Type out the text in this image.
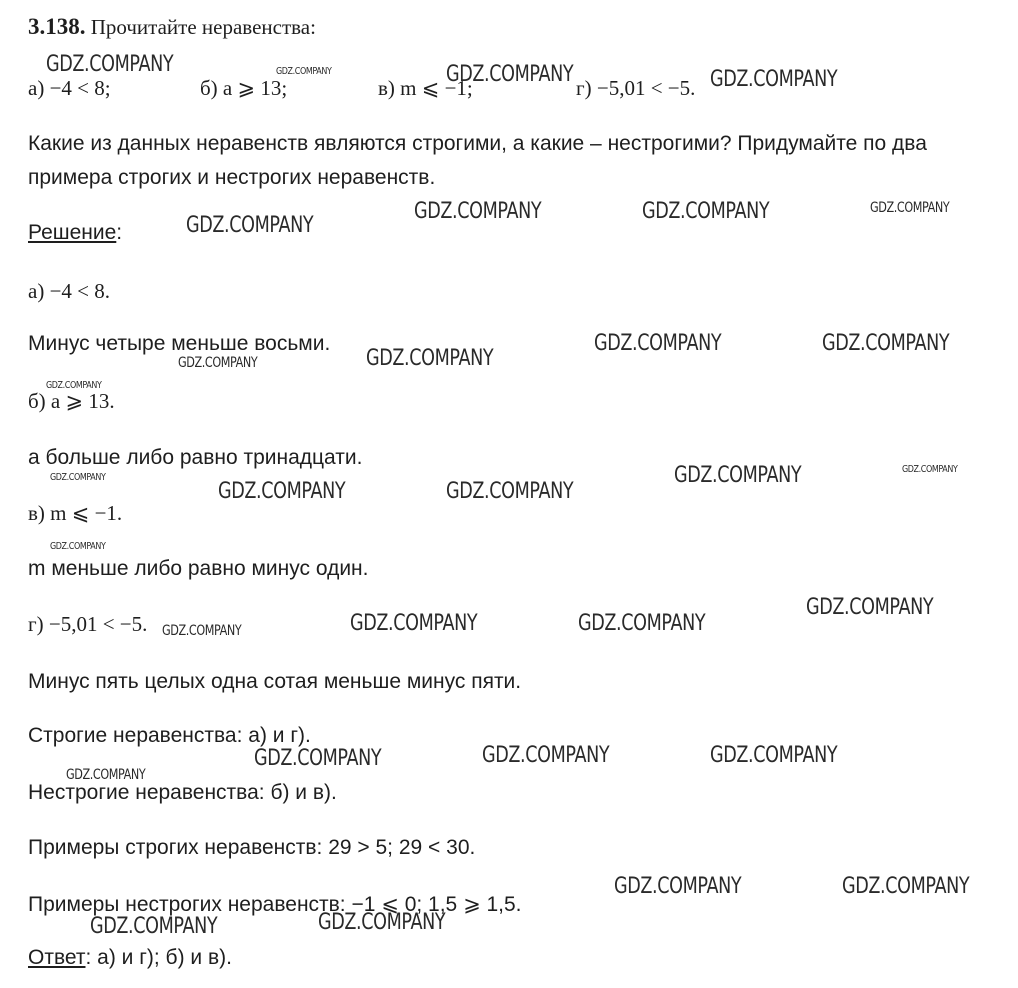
3.138. Прочитайте неравенства:
а) −4 < 8;	б) a ⩾ 13;	в) m ⩽ −1;	г) −5,01 < −5.
Какие из данных неравенств являются строгими, а какие – нестрогими? Придумайте по два примера строгих и нестрогих неравенств.
Решение:
а) −4 < 8.
Минус четыре меньше восьми.
б) a ⩾ 13.
а больше либо равно тринадцати.
в) m ⩽ −1.
m меньше либо равно минус один.
г) −5,01 < −5.
Минус пять целых одна сотая меньше минус пяти.
Строгие неравенства: а) и г).
Нестрогие неравенства: б) и в).
Примеры строгих неравенств: 29 > 5; 29 < 30.
Примеры нестрогих неравенств: −1 ⩽ 0; 1,5 ⩾ 1,5.
Ответ: а) и г); б) и в).
GDZ.COMPANY	GDZ.COMPANY	GDZ.COMPANY	GDZ.COMPANY
GDZ.COMPANY
GDZ.COMPANY	GDZ.COMPANY	GDZ.COMPANY
GDZ.COMPANY	GDZ.COMPANY
GDZ.COMPANY	GDZ.COMPANY
GDZ.COMPANY
GDZ.COMPANY
GDZ.COMPANY	GDZ.COMPANY
GDZ.COMPANY	GDZ.COMPANY
GDZ.COMPANY
GDZ.COMPANY	GDZ.COMPANY	GDZ.COMPANY
GDZ.COMPANY
GDZ.COMPANY	GDZ.COMPANY	GDZ.COMPANY
GDZ.COMPANY
GDZ.COMPANY	GDZ.COMPANY
GDZ.COMPANY	GDZ.COMPANY
